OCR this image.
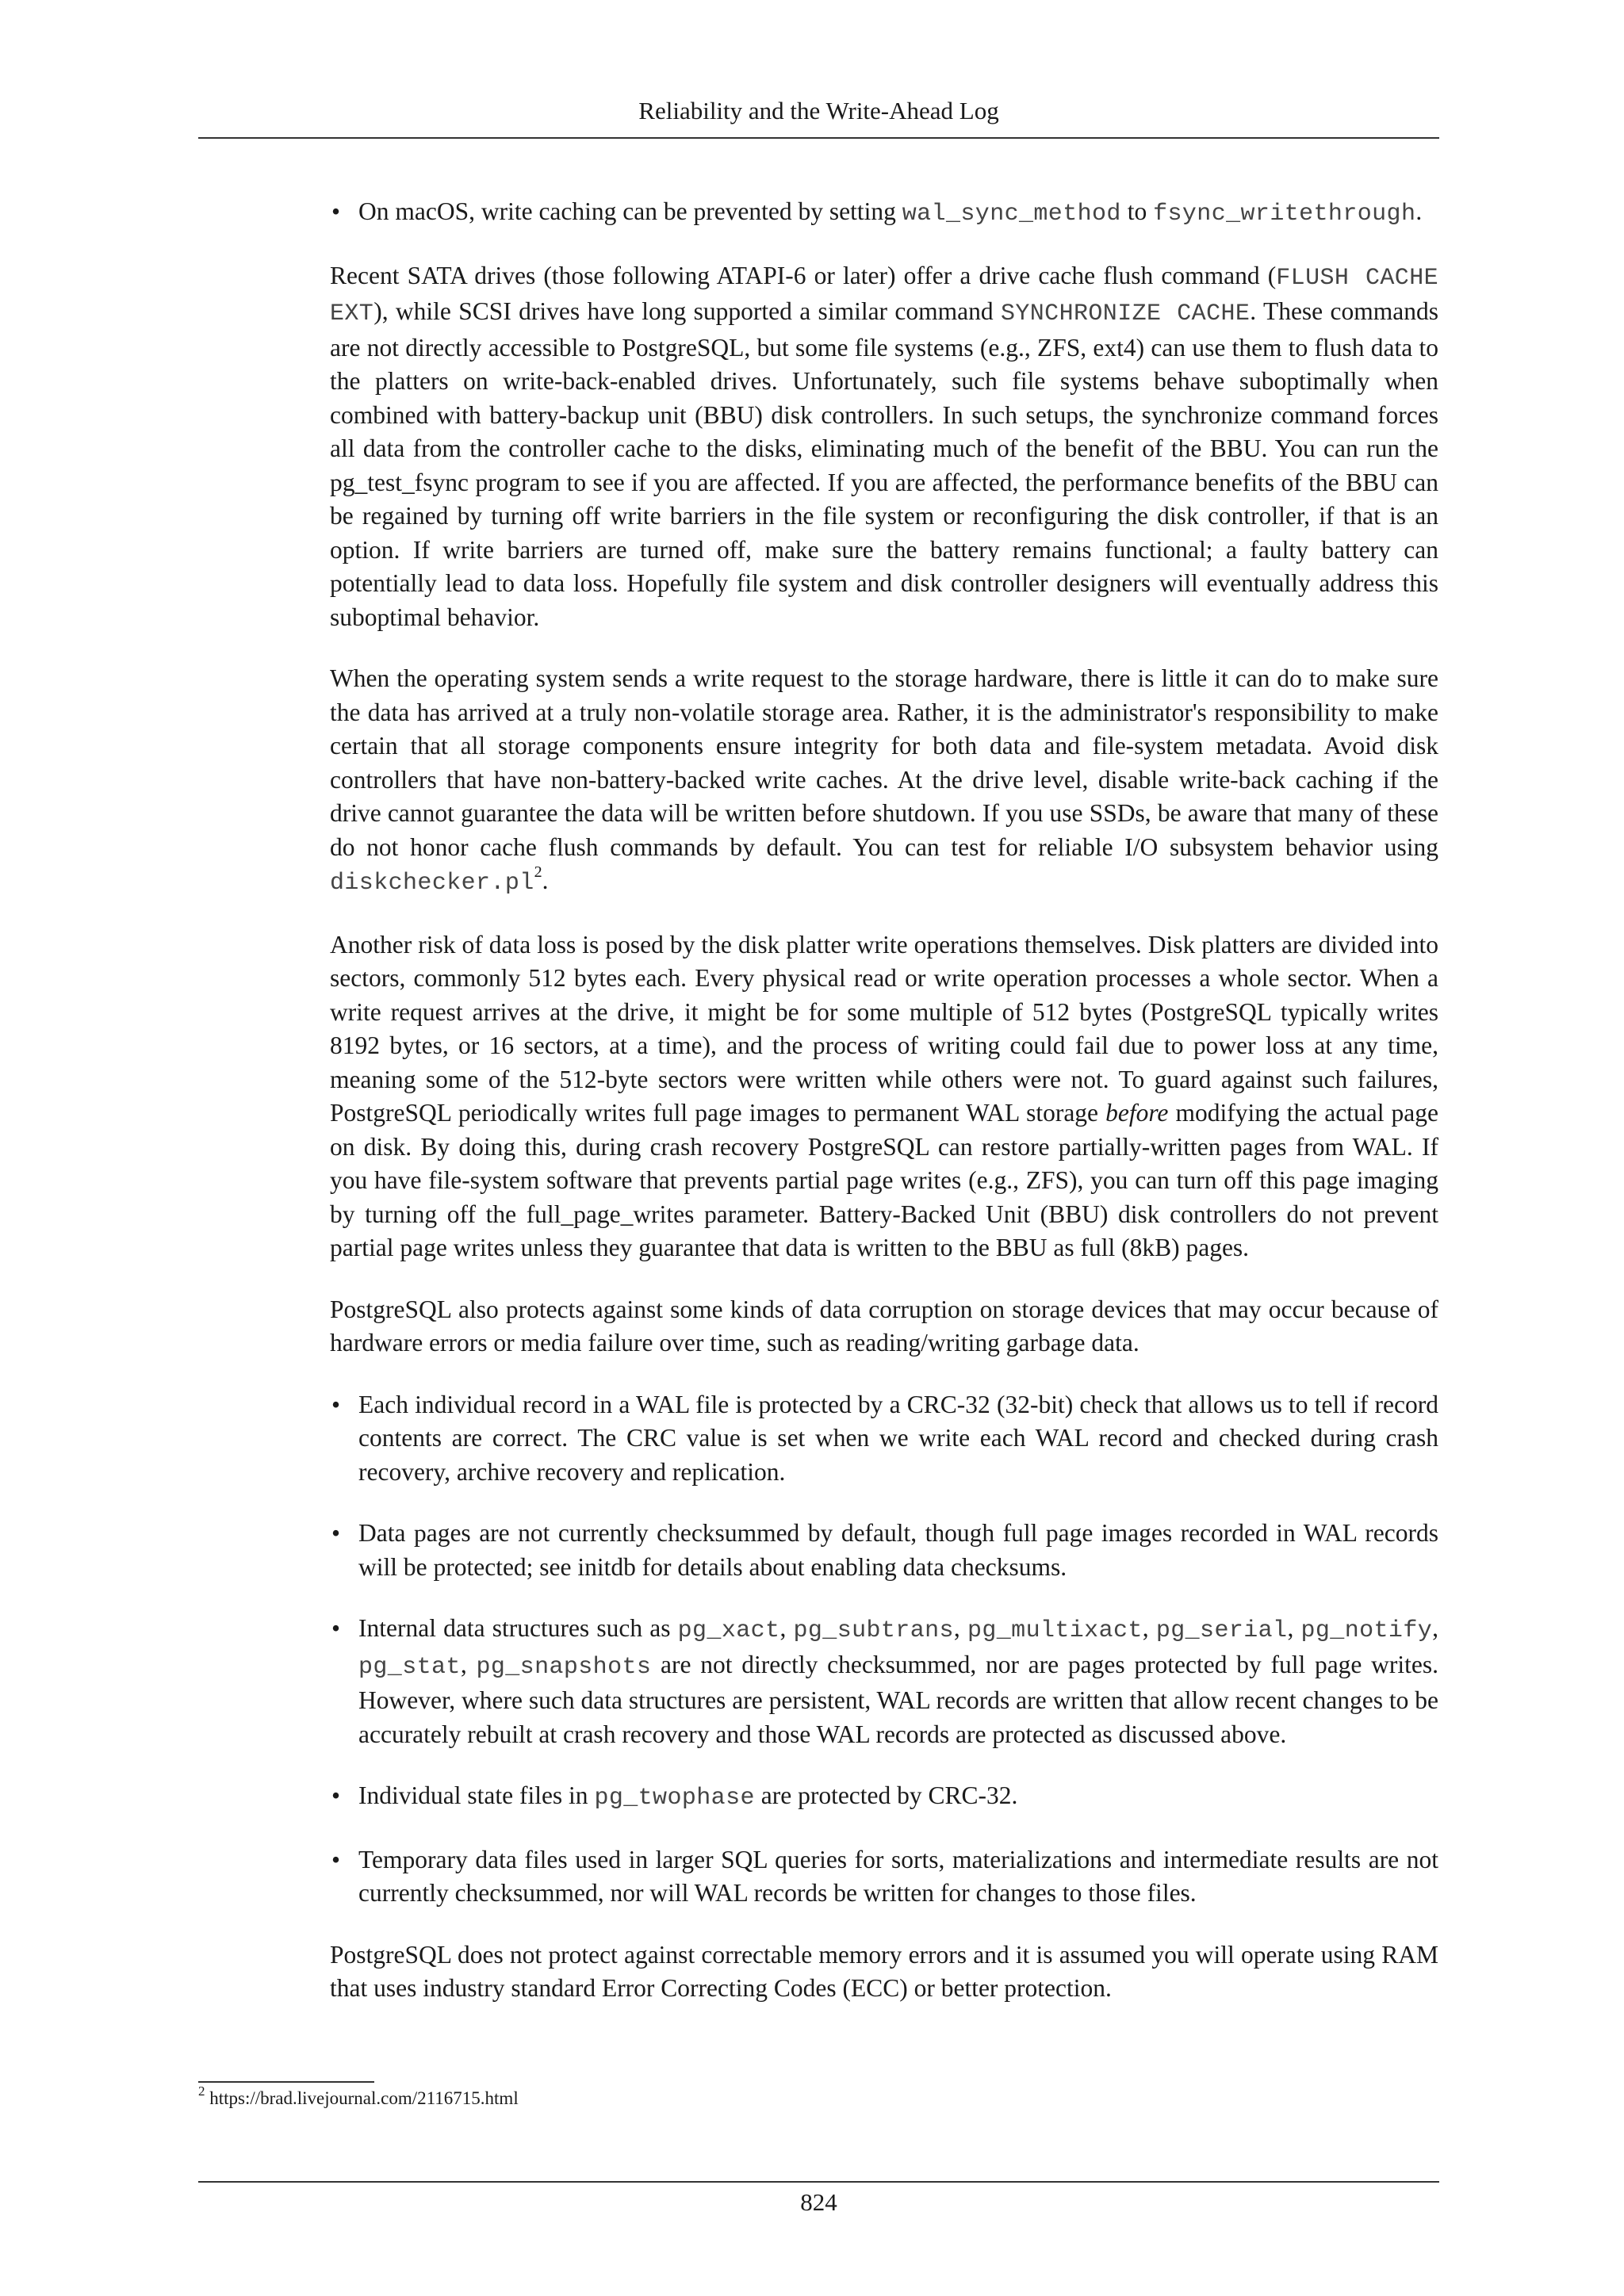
Reliability and the Write-Ahead Log
• On macOS, write caching can be prevented by setting wal_sync_method to fsync_writethrough.

Recent SATA drives (those following ATAPI-6 or later) offer a drive cache flush command (FLUSH CACHE EXT), while SCSI drives have long supported a similar command SYNCHRONIZE CACHE. These commands are not directly accessible to PostgreSQL, but some file systems (e.g., ZFS, ext4) can use them to flush data to the platters on write-back-enabled drives. Unfortunately, such file systems behave suboptimally when combined with battery-backup unit (BBU) disk controllers. In such setups, the synchronize command forces all data from the controller cache to the disks, eliminating much of the benefit of the BBU. You can run the pg_test_fsync program to see if you are affected. If you are affected, the performance benefits of the BBU can be regained by turning off write barriers in the file system or reconfiguring the disk controller, if that is an option. If write barriers are turned off, make sure the battery remains functional; a faulty battery can potentially lead to data loss. Hopefully file system and disk controller designers will eventually address this suboptimal behavior.

When the operating system sends a write request to the storage hardware, there is little it can do to make sure the data has arrived at a truly non-volatile storage area. Rather, it is the administrator's responsibility to make certain that all storage components ensure integrity for both data and file-system metadata. Avoid disk controllers that have non-battery-backed write caches. At the drive level, disable write-back caching if the drive cannot guarantee the data will be written before shutdown. If you use SSDs, be aware that many of these do not honor cache flush commands by default. You can test for reliable I/O subsystem behavior using $diskchecker.pl^2$.

Another risk of data loss is posed by the disk platter write operations themselves. Disk platters are divided into sectors, commonly 512 bytes each. Every physical read or write operation processes a whole sector. When a write request arrives at the drive, it might be for some multiple of 512 bytes (PostgreSQL typically writes 8192 bytes, or 16 sectors, at a time), and the process of writing could fail due to power loss at any time, meaning some of the 512-byte sectors were written while others were not. To guard against such failures, PostgreSQL periodically writes full page images to permanent WAL storage before modifying the actual page on disk. By doing this, during crash recovery PostgreSQL can restore partially-written pages from WAL. If you have file-system software that prevents partial page writes (e.g., ZFS), you can turn off this page imaging by turning off the full_page_writes parameter. Battery-Backed Unit (BBU) disk controllers do not prevent partial page writes unless they guarantee that data is written to the BBU as full (8kB) pages.

PostgreSQL also protects against some kinds of data corruption on storage devices that may occur because of hardware errors or media failure over time, such as reading/writing garbage data.

• Each individual record in a WAL file is protected by a CRC-32 (32-bit) check that allows us to tell if record contents are correct. The CRC value is set when we write each WAL record and checked during crash recovery, archive recovery and replication.
• Data pages are not currently checksummed by default, though full page images recorded in WAL records will be protected; see initdb for details about enabling data checksums.
• Internal data structures such as pg_xact, pg_subtrans, pg_multixact, pg_serial, pg_notify, pg_stat, pg_snapshots are not directly checksummed, nor are pages protected by full page writes. However, where such data structures are persistent, WAL records are written that allow recent changes to be accurately rebuilt at crash recovery and those WAL records are protected as discussed above.
• Individual state files in pg_twophase are protected by CRC-32.
• Temporary data files used in larger SQL queries for sorts, materializations and intermediate results are not currently checksummed, nor will WAL records be written for changes to those files.

PostgreSQL does not protect against correctable memory errors and it is assumed you will operate using RAM that uses industry standard Error Correcting Codes (ECC) or better protection.

$^2$ https://brad.livejournal.com/2116715.html
824
